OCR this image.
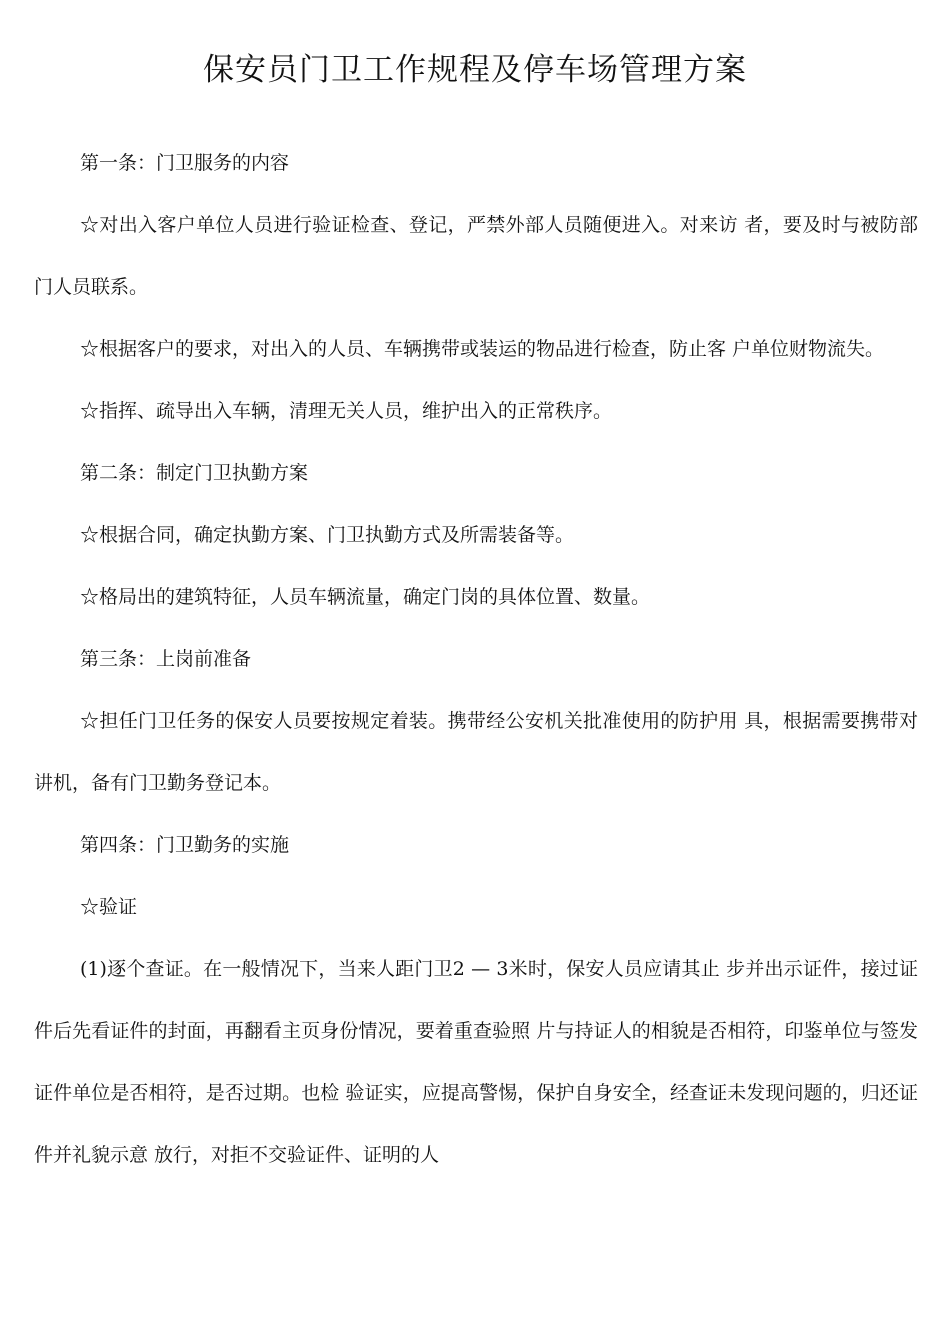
保安员门卫工作规程及停车场管理方案

第一条：门卫服务的内容

☆对出入客户单位人员进行验证检查、登记，严禁外部人员随便进入。对来访 者，要及时与被防部门人员联系。

☆根据客户的要求，对出入的人员、车辆携带或装运的物品进行检查，防止客 户单位财物流失。

☆指挥、疏导出入车辆，清理无关人员，维护出入的正常秩序。

第二条：制定门卫执勤方案

☆根据合同，确定执勤方案、门卫执勤方式及所需装备等。

☆格局出的建筑特征，人员车辆流量，确定门岗的具体位置、数量。

第三条：上岗前准备

☆担任门卫任务的保安人员要按规定着装。携带经公安机关批准使用的防护用 具，根据需要携带对讲机，备有门卫勤务登记本。

第四条：门卫勤务的实施

☆验证

(1)逐个查证。在一般情况下，当来人距门卫2 — 3米时，保安人员应请其止 步并出示证件，接过证件后先看证件的封面，再翻看主页身份情况，要着重查验照 片与持证人的相貌是否相符，印鉴单位与签发证件单位是否相符，是否过期。也检 验证实，应提高警惕，保护自身安全，经查证未发现问题的，归还证件并礼貌示意 放行，对拒不交验证件、证明的人
